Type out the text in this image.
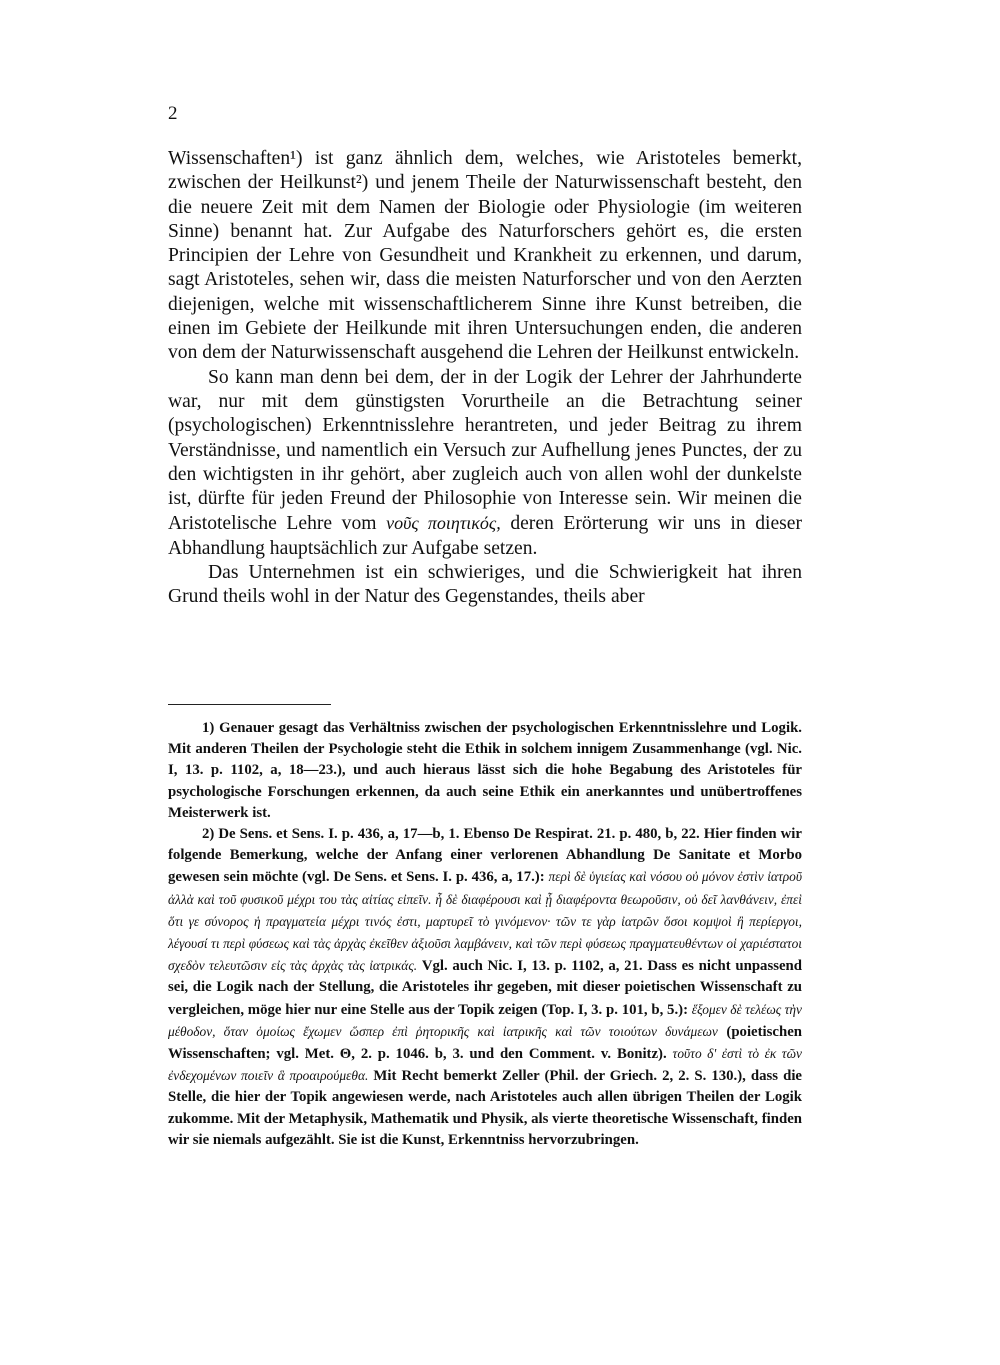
2

Wissenschaften¹) ist ganz ähnlich dem, welches, wie Aristoteles bemerkt, zwischen der Heilkunst²) und jenem Theile der Naturwissenschaft besteht, den die neuere Zeit mit dem Namen der Biologie oder Physiologie (im weiteren Sinne) benannt hat. Zur Aufgabe des Naturforschers gehört es, die ersten Principien der Lehre von Gesundheit und Krankheit zu erkennen, und darum, sagt Aristoteles, sehen wir, dass die meisten Naturforscher und von den Aerzten diejenigen, welche mit wissenschaftlicherem Sinne ihre Kunst betreiben, die einen im Gebiete der Heilkunde mit ihren Untersuchungen enden, die anderen von dem der Naturwissenschaft ausgehend die Lehren der Heilkunst entwickeln.

So kann man denn bei dem, der in der Logik der Lehrer der Jahrhunderte war, nur mit dem günstigsten Vorurtheile an die Betrachtung seiner (psychologischen) Erkenntnisslehre herantreten, und jeder Beitrag zu ihrem Verständnisse, und namentlich ein Versuch zur Aufhellung jenes Punctes, der zu den wichtigsten in ihr gehört, aber zugleich auch von allen wohl der dunkelste ist, dürfte für jeden Freund der Philosophie von Interesse sein. Wir meinen die Aristotelische Lehre vom νοῦς ποιητικός, deren Erörterung wir uns in dieser Abhandlung hauptsächlich zur Aufgabe setzen.

Das Unternehmen ist ein schwieriges, und die Schwierigkeit hat ihren Grund theils wohl in der Natur des Gegenstandes, theils aber

1) Genauer gesagt das Verhältniss zwischen der psychologischen Erkenntnisslehre und Logik. Mit anderen Theilen der Psychologie steht die Ethik in solchem innigem Zusammenhange (vgl. Nic. I, 13. p. 1102, a, 18—23.), und auch hieraus lässt sich die hohe Begabung des Aristoteles für psychologische Forschungen erkennen, da auch seine Ethik ein anerkanntes und unübertroffenes Meisterwerk ist.

2) De Sens. et Sens. I. p. 436, a, 17—b, 1. Ebenso De Respirat. 21. p. 480, b, 22. Hier finden wir folgende Bemerkung, welche der Anfang einer verlorenen Abhandlung De Sanitate et Morbo gewesen sein möchte (vgl. De Sens. et Sens. I. p. 436, a, 17.): περὶ δὲ ὑγιείας καὶ νόσου οὐ μόνον ἐστὶν ἰατροῦ ἀλλὰ καὶ τοῦ φυσικοῦ μέχρι του τὰς αἰτίας εἰπεῖν. ἧ δὲ διαφέρουσι καὶ ᾗ διαφέροντα θεωροῦσιν, οὐ δεῖ λανθάνειν, ἐπεὶ ὅτι γε σύνορος ἡ πραγματεία μέχρι τινός ἐστι, μαρτυρεῖ τὸ γινόμενον· τῶν τε γὰρ ἰατρῶν ὅσοι κομψοὶ ἢ περίεργοι, λέγουσί τι περὶ φύσεως καὶ τὰς ἀρχὰς ἐκεῖθεν ἀξιοῦσι λαμβάνειν, καὶ τῶν περὶ φύσεως πραγματευθέντων οἱ χαριέστατοι σχεδὸν τελευτῶσιν εἰς τὰς ἀρχὰς τὰς ἰατρικάς. Vgl. auch Nic. I, 13. p. 1102, a, 21. Dass es nicht unpassend sei, die Logik nach der Stellung, die Aristoteles ihr gegeben, mit dieser poietischen Wissenschaft zu vergleichen, möge hier nur eine Stelle aus der Topik zeigen (Top. I, 3. p. 101, b, 5.): ἕξομεν δὲ τελέως τὴν μέθοδον, ὅταν ὁμοίως ἔχωμεν ὥσπερ ἐπὶ ῥητορικῆς καὶ ἰατρικῆς καὶ τῶν τοιούτων δυνάμεων (poietischen Wissenschaften; vgl. Met. Θ, 2. p. 1046. b, 3. und den Comment. v. Bonitz). τοῦτο δ' ἐστὶ τὸ ἐκ τῶν ἐνδεχομένων ποιεῖν ἃ προαιρούμεθα. Mit Recht bemerkt Zeller (Phil. der Griech. 2, 2. S. 130.), dass die Stelle, die hier der Topik angewiesen werde, nach Aristoteles auch allen übrigen Theilen der Logik zukomme. Mit der Metaphysik, Mathematik und Physik, als vierte theoretische Wissenschaft, finden wir sie niemals aufgezählt. Sie ist die Kunst, Erkenntniss hervorzubringen.
